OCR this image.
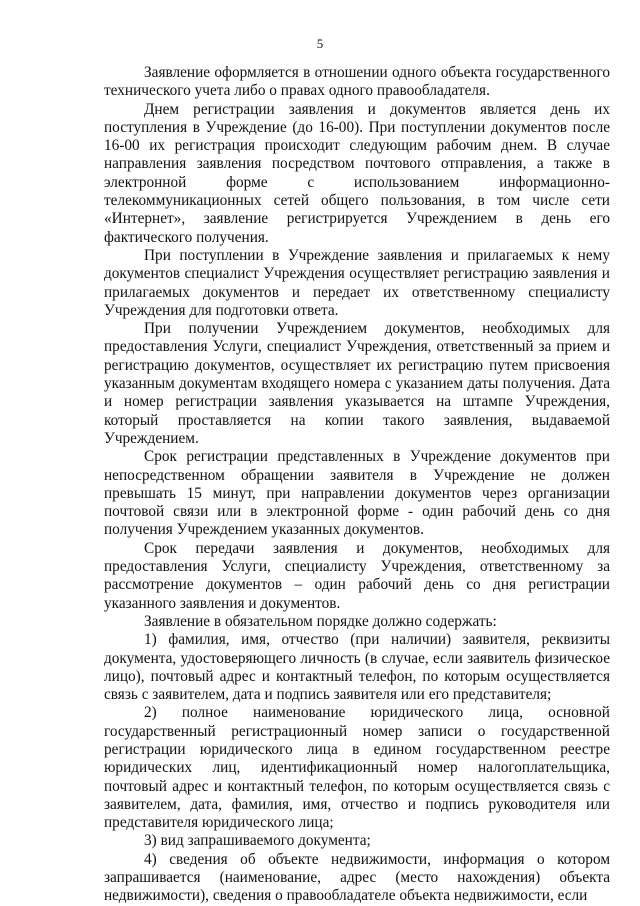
5

Заявление оформляется в отношении одного объекта государственного технического учета либо о правах одного правообладателя.

Днем регистрации заявления и документов является день их поступления в Учреждение (до 16-00). При поступлении документов после 16-00 их регистрация происходит следующим рабочим днем. В случае направления заявления посредством почтового отправления, а также в электронной форме с использованием информационно-телекоммуникационных сетей общего пользования, в том числе сети «Интернет», заявление регистрируется Учреждением в день его фактического получения.

При поступлении в Учреждение заявления и прилагаемых к нему документов специалист Учреждения осуществляет регистрацию заявления и прилагаемых документов и передает их ответственному специалисту Учреждения для подготовки ответа.

При получении Учреждением документов, необходимых для предоставления Услуги, специалист Учреждения, ответственный за прием и регистрацию документов, осуществляет их регистрацию путем присвоения указанным документам входящего номера с указанием даты получения. Дата и номер регистрации заявления указывается на штампе Учреждения, который проставляется на копии такого заявления, выдаваемой Учреждением.

Срок регистрации представленных в Учреждение документов при непосредственном обращении заявителя в Учреждение не должен превышать 15 минут, при направлении документов через организации почтовой связи или в электронной форме - один рабочий день со дня получения Учреждением указанных документов.

Срок передачи заявления и документов, необходимых для предоставления Услуги, специалисту Учреждения, ответственному за рассмотрение документов – один рабочий день со дня регистрации указанного заявления и документов.

Заявление в обязательном порядке должно содержать:

1) фамилия, имя, отчество (при наличии) заявителя, реквизиты документа, удостоверяющего личность (в случае, если заявитель физическое лицо), почтовый адрес и контактный телефон, по которым осуществляется связь с заявителем, дата и подпись заявителя или его представителя;

2) полное наименование юридического лица, основной государственный регистрационный номер записи о государственной регистрации юридического лица в едином государственном реестре юридических лиц, идентификационный номер налогоплательщика, почтовый адрес и контактный телефон, по которым осуществляется связь с заявителем, дата, фамилия, имя, отчество и подпись руководителя или представителя юридического лица;

3) вид запрашиваемого документа;

4) сведения об объекте недвижимости, информация о котором запрашивается (наименование, адрес (место нахождения) объекта недвижимости), сведения о правообладателе объекта недвижимости, если
